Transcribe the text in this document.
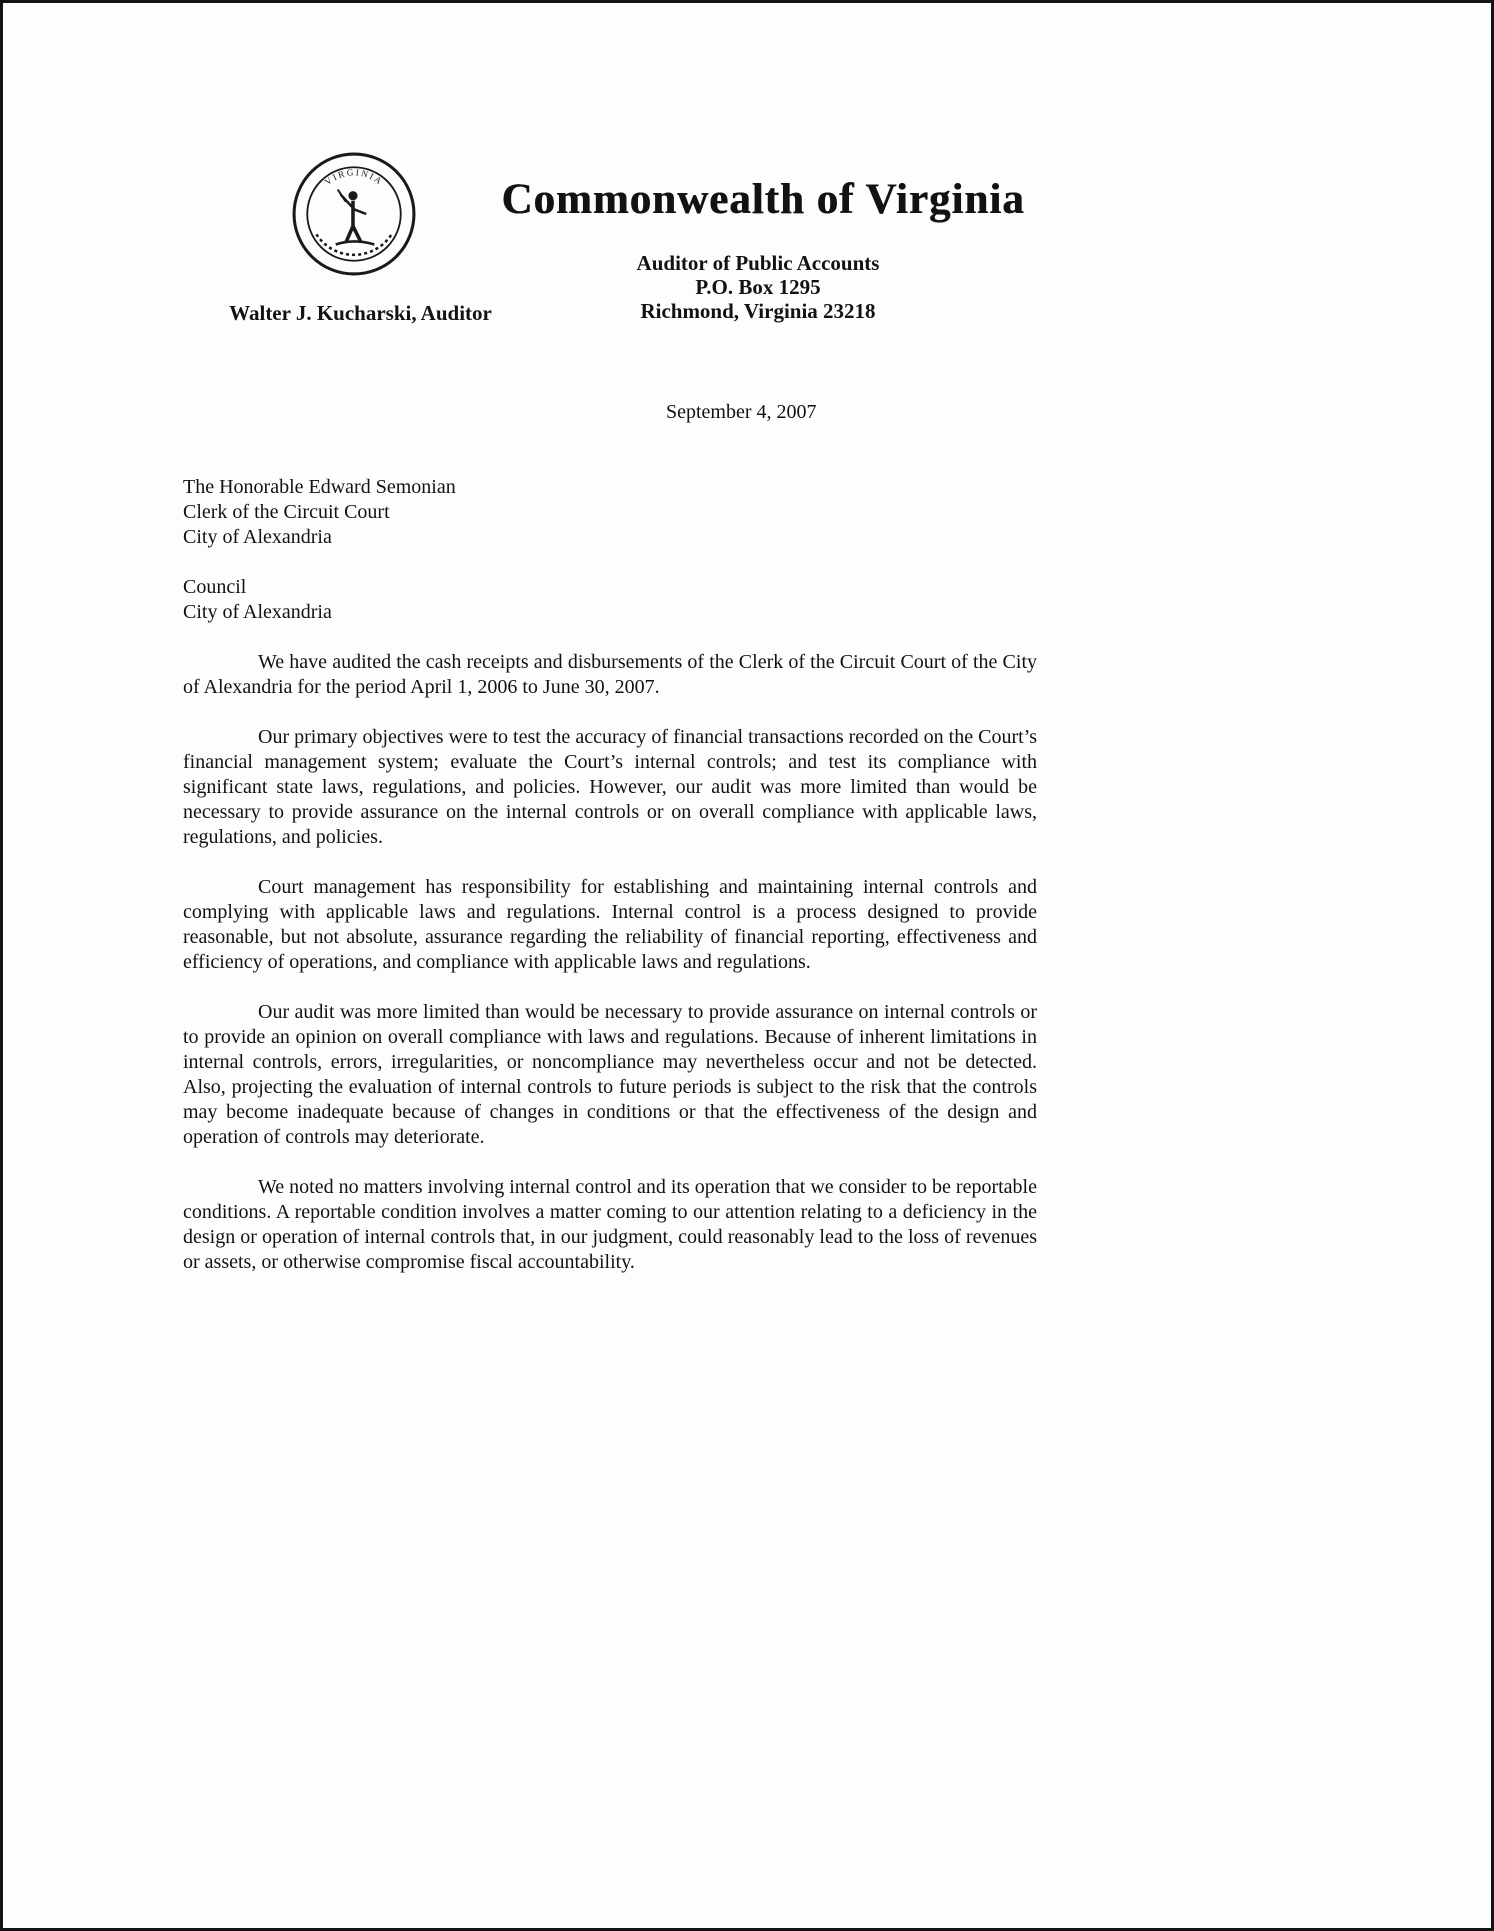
VIRGINIA	Commonwealth of Virginia
Auditor of Public Accounts
P.O. Box 1295
Richmond, Virginia 23218
Walter J. Kucharski, Auditor
September 4, 2007
The Honorable Edward Semonian
Clerk of the Circuit Court
City of Alexandria
Council
City of Alexandria

We have audited the cash receipts and disbursements of the Clerk of the Circuit Court of the City of Alexandria for the period April 1, 2006 to June 30, 2007.

Our primary objectives were to test the accuracy of financial transactions recorded on the Court’s financial management system; evaluate the Court’s internal controls; and test its compliance with significant state laws, regulations, and policies. However, our audit was more limited than would be necessary to provide assurance on the internal controls or on overall compliance with applicable laws, regulations, and policies.

Court management has responsibility for establishing and maintaining internal controls and complying with applicable laws and regulations. Internal control is a process designed to provide reasonable, but not absolute, assurance regarding the reliability of financial reporting, effectiveness and efficiency of operations, and compliance with applicable laws and regulations.

Our audit was more limited than would be necessary to provide assurance on internal controls or to provide an opinion on overall compliance with laws and regulations. Because of inherent limitations in internal controls, errors, irregularities, or noncompliance may nevertheless occur and not be detected. Also, projecting the evaluation of internal controls to future periods is subject to the risk that the controls may become inadequate because of changes in conditions or that the effectiveness of the design and operation of controls may deteriorate.

We noted no matters involving internal control and its operation that we consider to be reportable conditions. A reportable condition involves a matter coming to our attention relating to a deficiency in the design or operation of internal controls that, in our judgment, could reasonably lead to the loss of revenues or assets, or otherwise compromise fiscal accountability.
